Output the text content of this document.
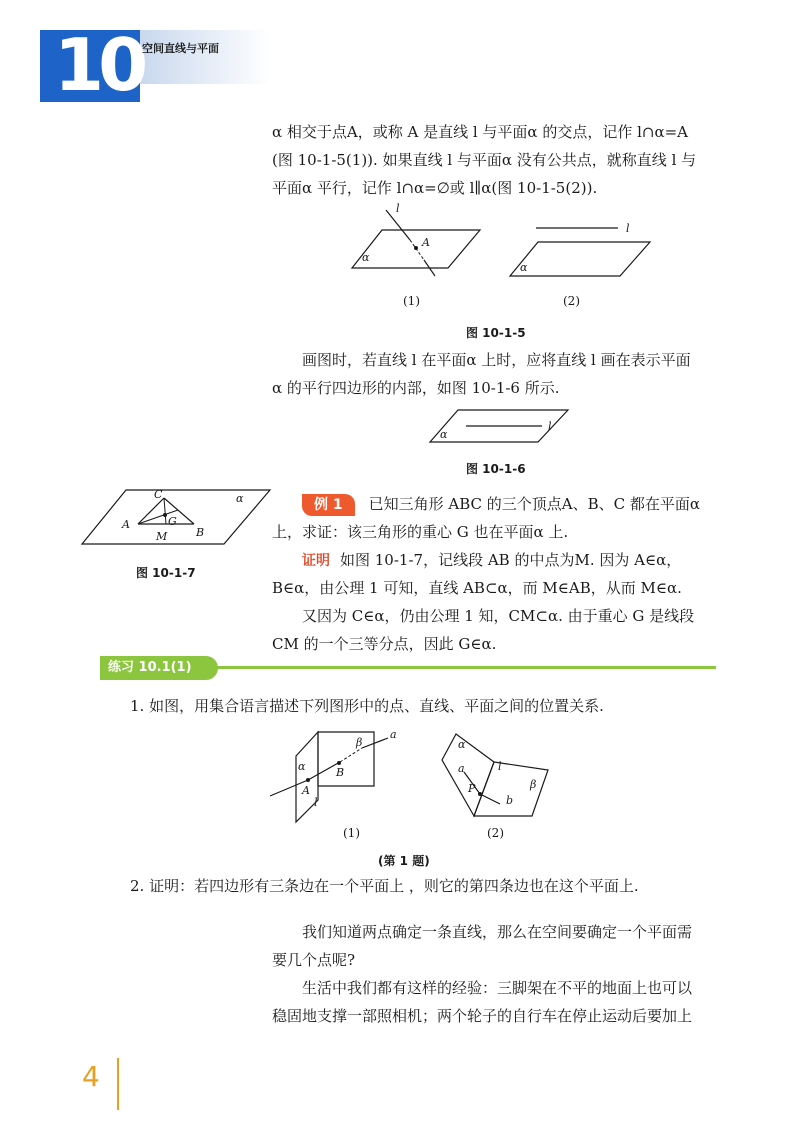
10 空间直线与平面
α 相交于点A，或称 A 是直线 l 与平面α 的交点，记作 l∩α=A
(图 10-1-5(1)). 如果直线 l 与平面α 没有公共点，就称直线 l 与
平面α 平行，记作 l∩α=∅或 l∥α(图 10-1-5(2)).
l
A
α
l
α
(1)	(2)
图 10-1-5
画图时，若直线 l 在平面α 上时，应将直线 l 画在表示平面
α 的平行四边形的内部，如图 10-1-6 所示.
l
α
图 10-1-6
C
A	G
B
M
α
图 10-1-7
例 1 已知三角形 ABC 的三个顶点A、B、C 都在平面α
上，求证：该三角形的重心 G 也在平面α 上.
证明 如图 10-1-7，记线段 AB 的中点为M. 因为 A∈α，
B∈α，由公理 1 可知，直线 AB⊂α，而 M∈AB，从而 M∈α.
又因为 C∈α，仍由公理 1 知，CM⊂α. 由于重心 G 是线段
CM 的一个三等分点，因此 G∈α.
练习 10.1(1)
1. 如图，用集合语言描述下列图形中的点、直线、平面之间的位置关系.
a
β
α
A
B
l
α
a	l
β
P
b
(1)	(2)
(第 1 题)
2. 证明：若四边形有三条边在一个平面上 ，则它的第四条边也在这个平面上.
我们知道两点确定一条直线，那么在空间要确定一个平面需
要几个点呢?
生活中我们都有这样的经验：三脚架在不平的地面上也可以
稳固地支撑一部照相机；两个轮子的自行车在停止运动后要加上
4
